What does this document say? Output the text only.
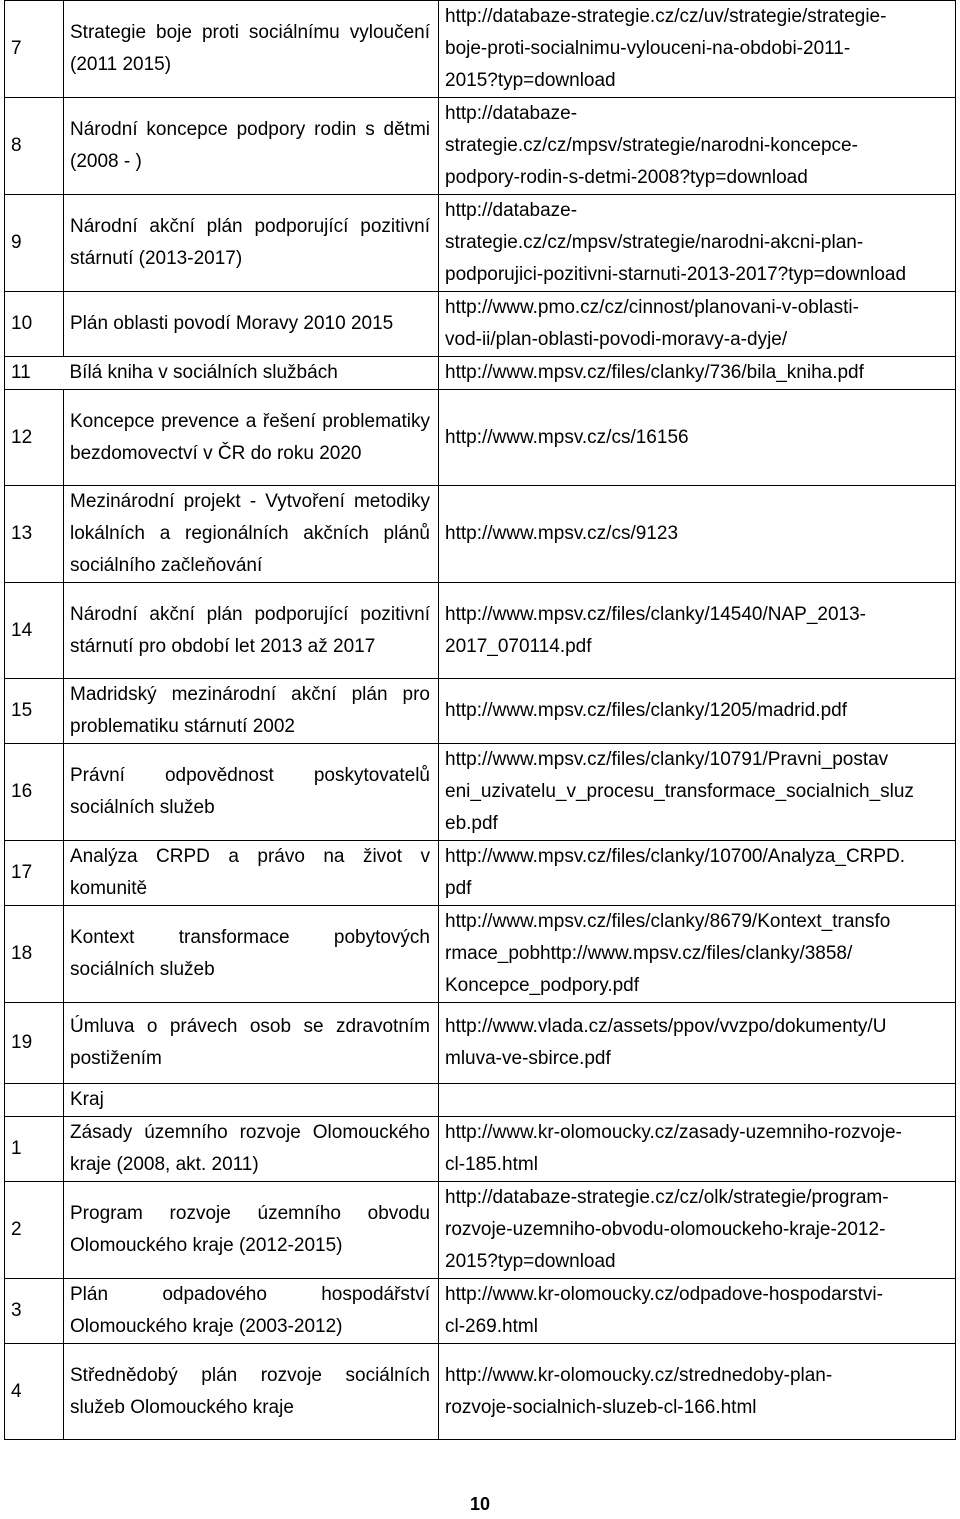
7	Strategie boje proti sociálnímu vyloučení (2011 2015)	http://databaze-strategie.cz/cz/uv/strategie/strategie-
boje-proti-socialnimu-vylouceni-na-obdobi-2011-
2015?typ=download

8	Národní koncepce podpory rodin s dětmi (2008 - )	http://databaze-
strategie.cz/cz/mpsv/strategie/narodni-koncepce-
podpory-rodin-s-detmi-2008?typ=download

9	Národní akční plán podporující pozitivní stárnutí (2013-2017)	http://databaze-
strategie.cz/cz/mpsv/strategie/narodni-akcni-plan-
podporujici-pozitivni-starnuti-2013-2017?typ=download

10	Plán oblasti povodí Moravy 2010 2015	http://www.pmo.cz/cz/cinnost/planovani-v-oblasti-
vod-ii/plan-oblasti-povodi-moravy-a-dyje/

11	Bílá kniha v sociálních službách	http://www.mpsv.cz/files/clanky/736/bila_kniha.pdf

12	Koncepce prevence a řešení problematiky bezdomovectví v ČR do roku 2020	http://www.mpsv.cz/cs/16156

13	Mezinárodní projekt - Vytvoření metodiky lokálních a regionálních akčních plánů sociálního začleňování	http://www.mpsv.cz/cs/9123

14	Národní akční plán podporující pozitivní stárnutí pro období let 2013 až 2017	http://www.mpsv.cz/files/clanky/14540/NAP_2013-
2017_070114.pdf

15	Madridský mezinárodní akční plán pro problematiku stárnutí 2002	http://www.mpsv.cz/files/clanky/1205/madrid.pdf

16	Právní odpovědnost poskytovatelů sociálních služeb	http://www.mpsv.cz/files/clanky/10791/Pravni_postav
eni_uzivatelu_v_procesu_transformace_socialnich_sluz
eb.pdf

17	Analýza CRPD a právo na život v komunitě	http://www.mpsv.cz/files/clanky/10700/Analyza_CRPD.
pdf

18	Kontext transformace pobytových sociálních služeb	http://www.mpsv.cz/files/clanky/8679/Kontext_transfo
rmace_pobhttp://www.mpsv.cz/files/clanky/3858/
Koncepce_podpory.pdf

19	Úmluva o právech osob se zdravotním postižením	http://www.vlada.cz/assets/ppov/vvzpo/dokumenty/U
mluva-ve-sbirce.pdf

	Kraj	
1	Zásady územního rozvoje Olomouckého kraje (2008, akt. 2011)	http://www.kr-olomoucky.cz/zasady-uzemniho-rozvoje-
cl-185.html

2	Program rozvoje územního obvodu Olomouckého kraje (2012-2015)	http://databaze-strategie.cz/cz/olk/strategie/program-
rozvoje-uzemniho-obvodu-olomouckeho-kraje-2012-
2015?typ=download

3	Plán odpadového hospodářství Olomouckého kraje (2003-2012)	http://www.kr-olomoucky.cz/odpadove-hospodarstvi-
cl-269.html

4	Střednědobý plán rozvoje sociálních služeb Olomouckého kraje	http://www.kr-olomoucky.cz/strednedoby-plan-
rozvoje-socialnich-sluzeb-cl-166.html
10
